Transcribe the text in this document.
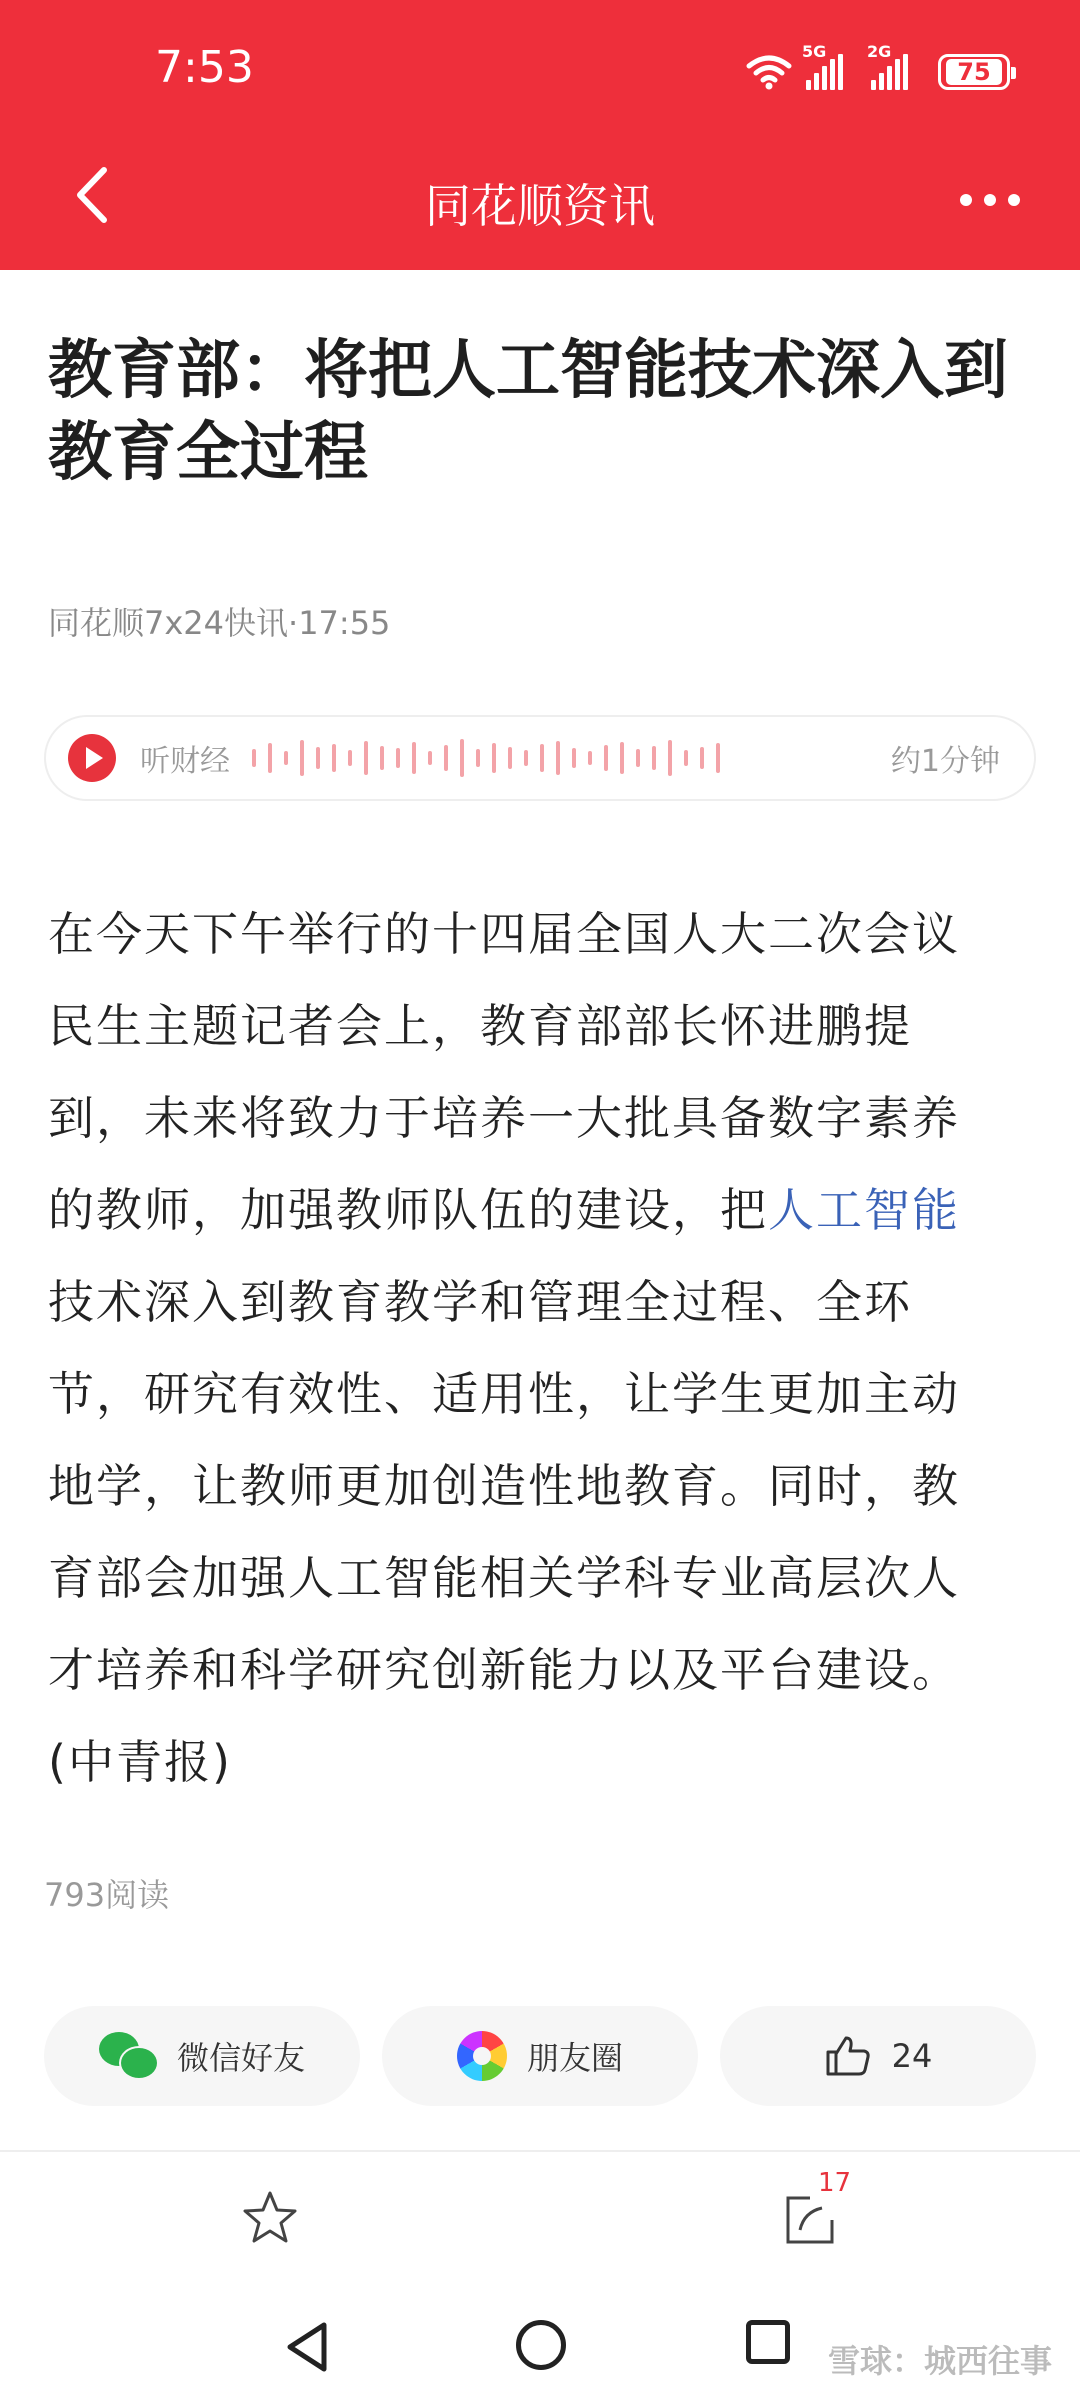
7:53	5G	2G
75
同花顺资讯
教育部：将把人工智能技术深入到教育全过程
同花顺7x24快讯·17:55
听财经	约1分钟
在今天下午举行的十四届全国人大二次会议
民生主题记者会上，教育部部长怀进鹏提
到，未来将致力于培养一大批具备数字素养
的教师，加强教师队伍的建设，把人工智能
技术深入到教育教学和管理全过程、全环
节，研究有效性、适用性，让学生更加主动
地学，让教师更加创造性地教育。同时，教
育部会加强人工智能相关学科专业高层次人
才培养和科学研究创新能力以及平台建设。
(中青报)
793阅读
微信好友	朋友圈	24
17
雪球：城西往事
